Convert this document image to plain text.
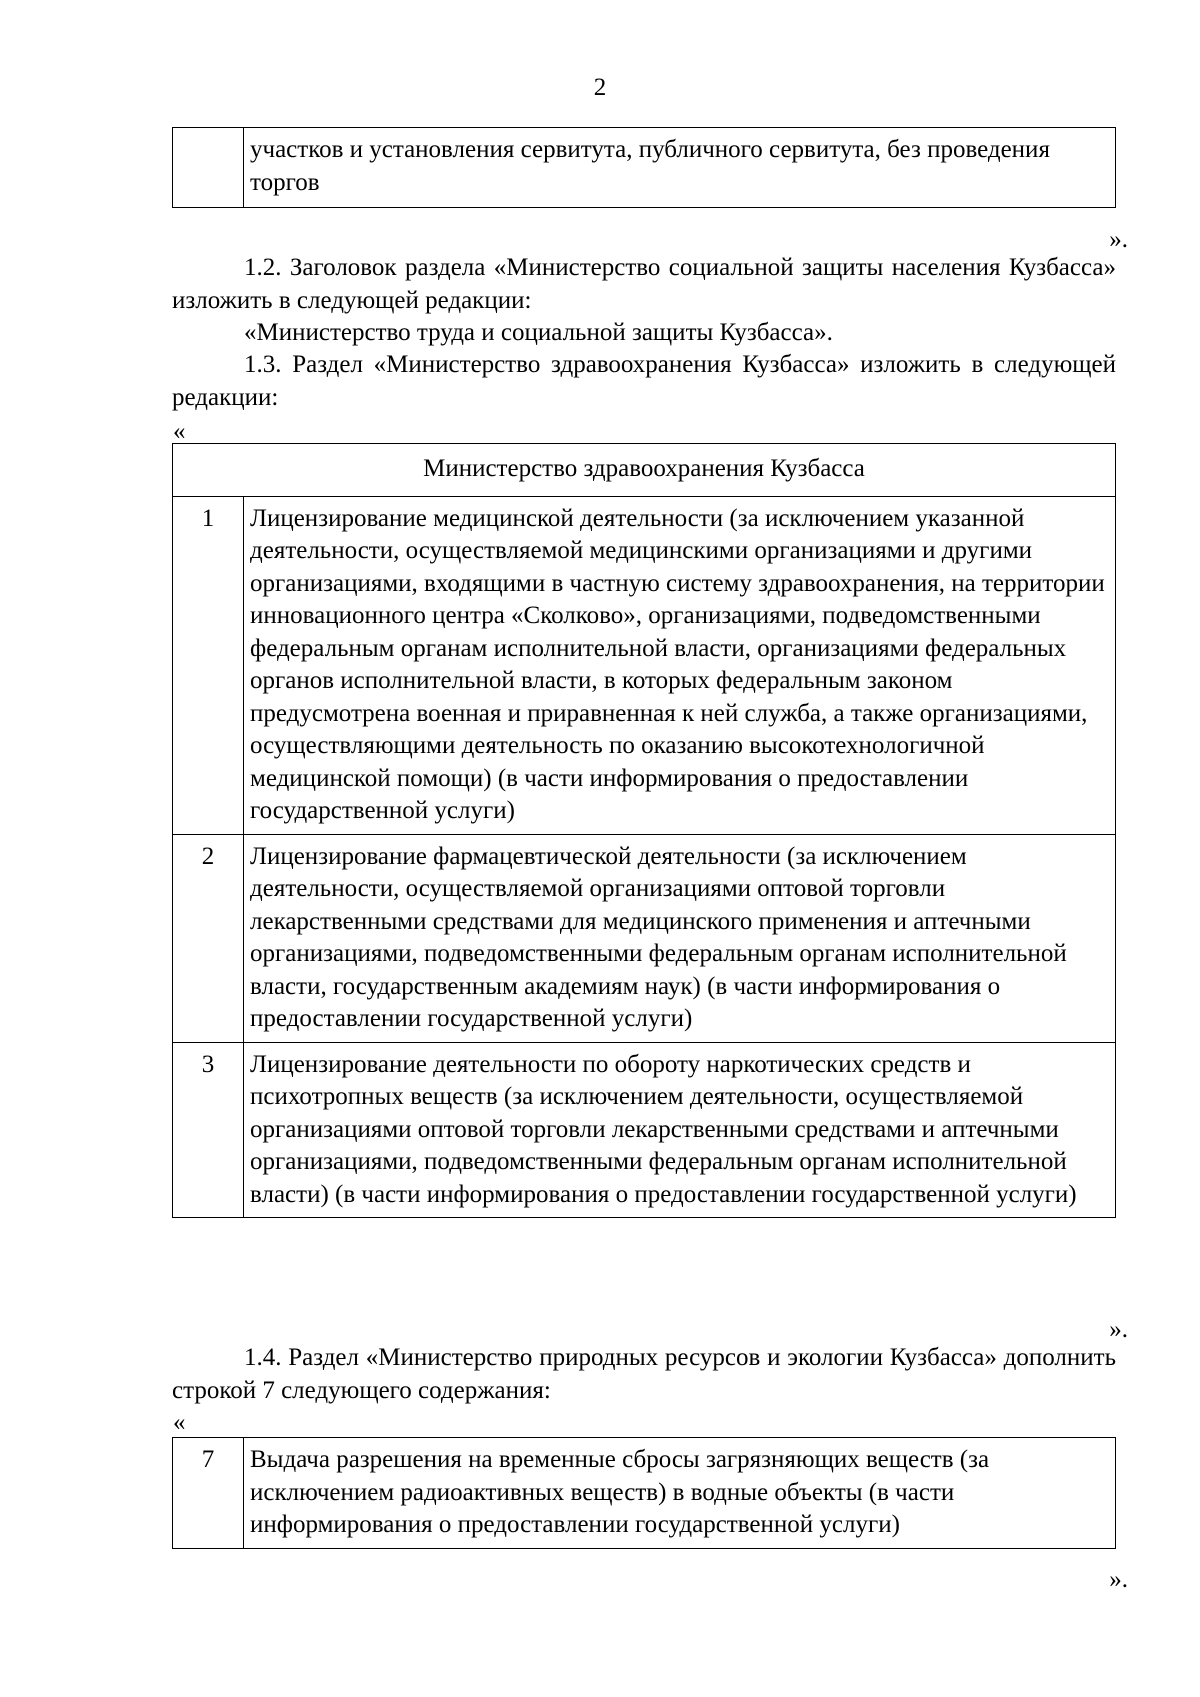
2
	участков и установления сервитута, публичного сервитута, без проведения торгов
».
1.2. Заголовок раздела «Министерство социальной защиты населения Кузбасса» изложить в следующей редакции:
«Министерство труда и социальной защиты Кузбасса».
1.3. Раздел «Министерство здравоохранения Кузбасса» изложить в следующей редакции:
«
Министерство здравоохранения Кузбасса	
1	Лицензирование медицинской деятельности (за исключением указанной деятельности, осуществляемой медицинскими организациями и другими организациями, входящими в частную систему здравоохранения, на территории инновационного центра «Сколково», организациями, подведомственными федеральным органам исполнительной власти, организациями федеральных органов исполнительной власти, в которых федеральным законом предусмотрена военная и приравненная к ней служба, а также организациями, осуществляющими деятельность по оказанию высокотехнологичной медицинской помощи) (в части информирования о предоставлении государственной услуги)
2	Лицензирование фармацевтической деятельности (за исключением деятельности, осуществляемой организациями оптовой торговли лекарственными средствами для медицинского применения и аптечными организациями, подведомственными федеральным органам исполнительной власти, государственным академиям наук) (в части информирования о предоставлении государственной услуги)
3	Лицензирование деятельности по обороту наркотических средств и психотропных веществ (за исключением деятельности, осуществляемой организациями оптовой торговли лекарственными средствами и аптечными организациями, подведомственными федеральным органам исполнительной власти) (в части информирования о предоставлении государственной услуги)
».
1.4. Раздел «Министерство природных ресурсов и экологии Кузбасса» дополнить строкой 7 следующего содержания:
«
7	Выдача разрешения на временные сбросы загрязняющих веществ (за исключением радиоактивных веществ) в водные объекты (в части информирования о предоставлении государственной услуги)
».
